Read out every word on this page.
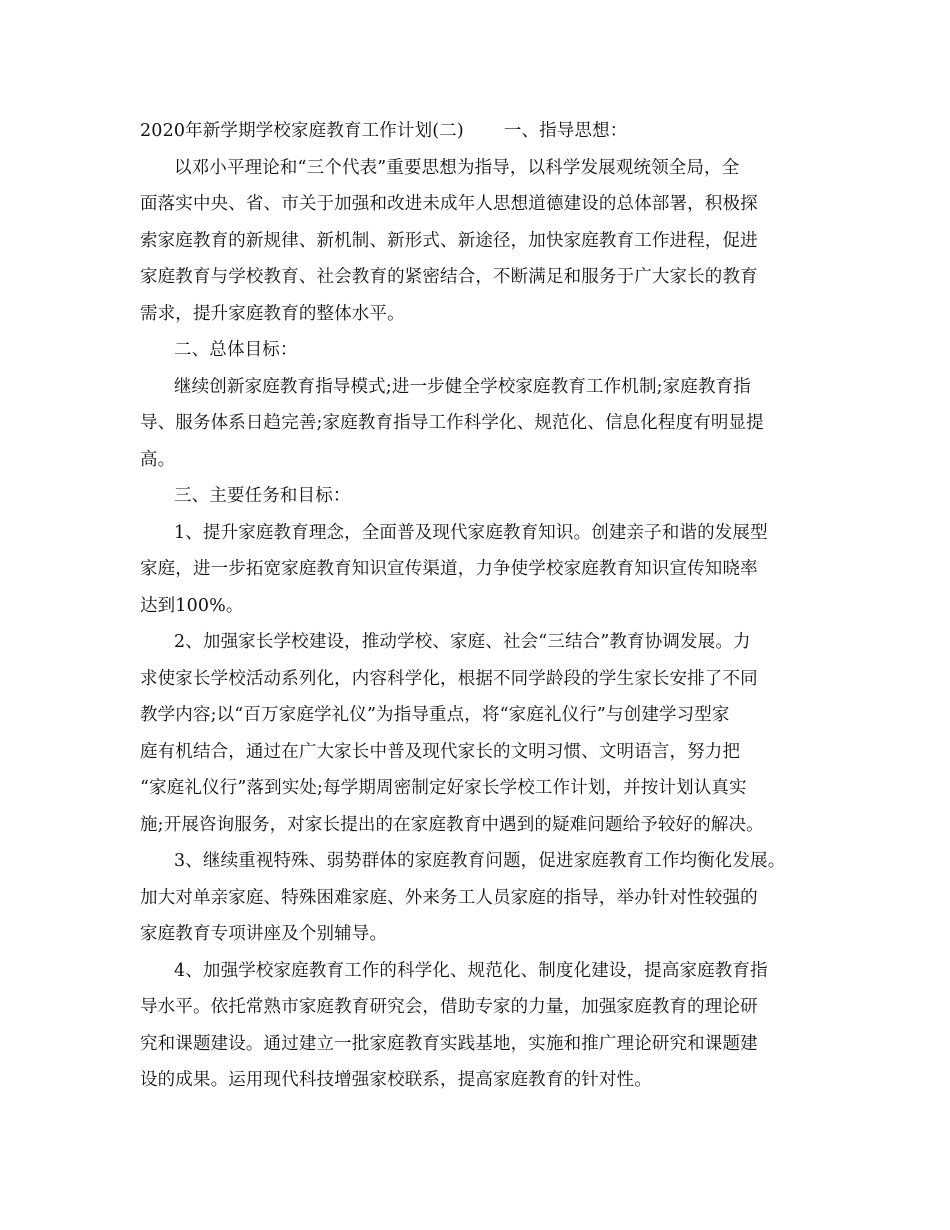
2020年新学期学校家庭教育工作计划(二) 一、指导思想：
以邓小平理论和“三个代表”重要思想为指导，以科学发展观统领全局，全
面落实中央、省、市关于加强和改进未成年人思想道德建设的总体部署，积极探
索家庭教育的新规律、新机制、新形式、新途径，加快家庭教育工作进程，促进
家庭教育与学校教育、社会教育的紧密结合，不断满足和服务于广大家长的教育
需求，提升家庭教育的整体水平。
二、总体目标：
继续创新家庭教育指导模式;进一步健全学校家庭教育工作机制;家庭教育指
导、服务体系日趋完善;家庭教育指导工作科学化、规范化、信息化程度有明显提
高。
三、主要任务和目标：
1、提升家庭教育理念，全面普及现代家庭教育知识。创建亲子和谐的发展型
家庭，进一步拓宽家庭教育知识宣传渠道，力争使学校家庭教育知识宣传知晓率
达到100%。
2、加强家长学校建设，推动学校、家庭、社会“三结合”教育协调发展。力
求使家长学校活动系列化，内容科学化，根据不同学龄段的学生家长安排了不同
教学内容;以“百万家庭学礼仪”为指导重点，将“家庭礼仪行”与创建学习型家
庭有机结合，通过在广大家长中普及现代家长的文明习惯、文明语言，努力把
“家庭礼仪行”落到实处;每学期周密制定好家长学校工作计划，并按计划认真实
施;开展咨询服务，对家长提出的在家庭教育中遇到的疑难问题给予较好的解决。
3、继续重视特殊、弱势群体的家庭教育问题，促进家庭教育工作均衡化发展。
加大对单亲家庭、特殊困难家庭、外来务工人员家庭的指导，举办针对性较强的
家庭教育专项讲座及个别辅导。
4、加强学校家庭教育工作的科学化、规范化、制度化建设，提高家庭教育指
导水平。依托常熟市家庭教育研究会，借助专家的力量，加强家庭教育的理论研
究和课题建设。通过建立一批家庭教育实践基地，实施和推广理论研究和课题建
设的成果。运用现代科技增强家校联系，提高家庭教育的针对性。
